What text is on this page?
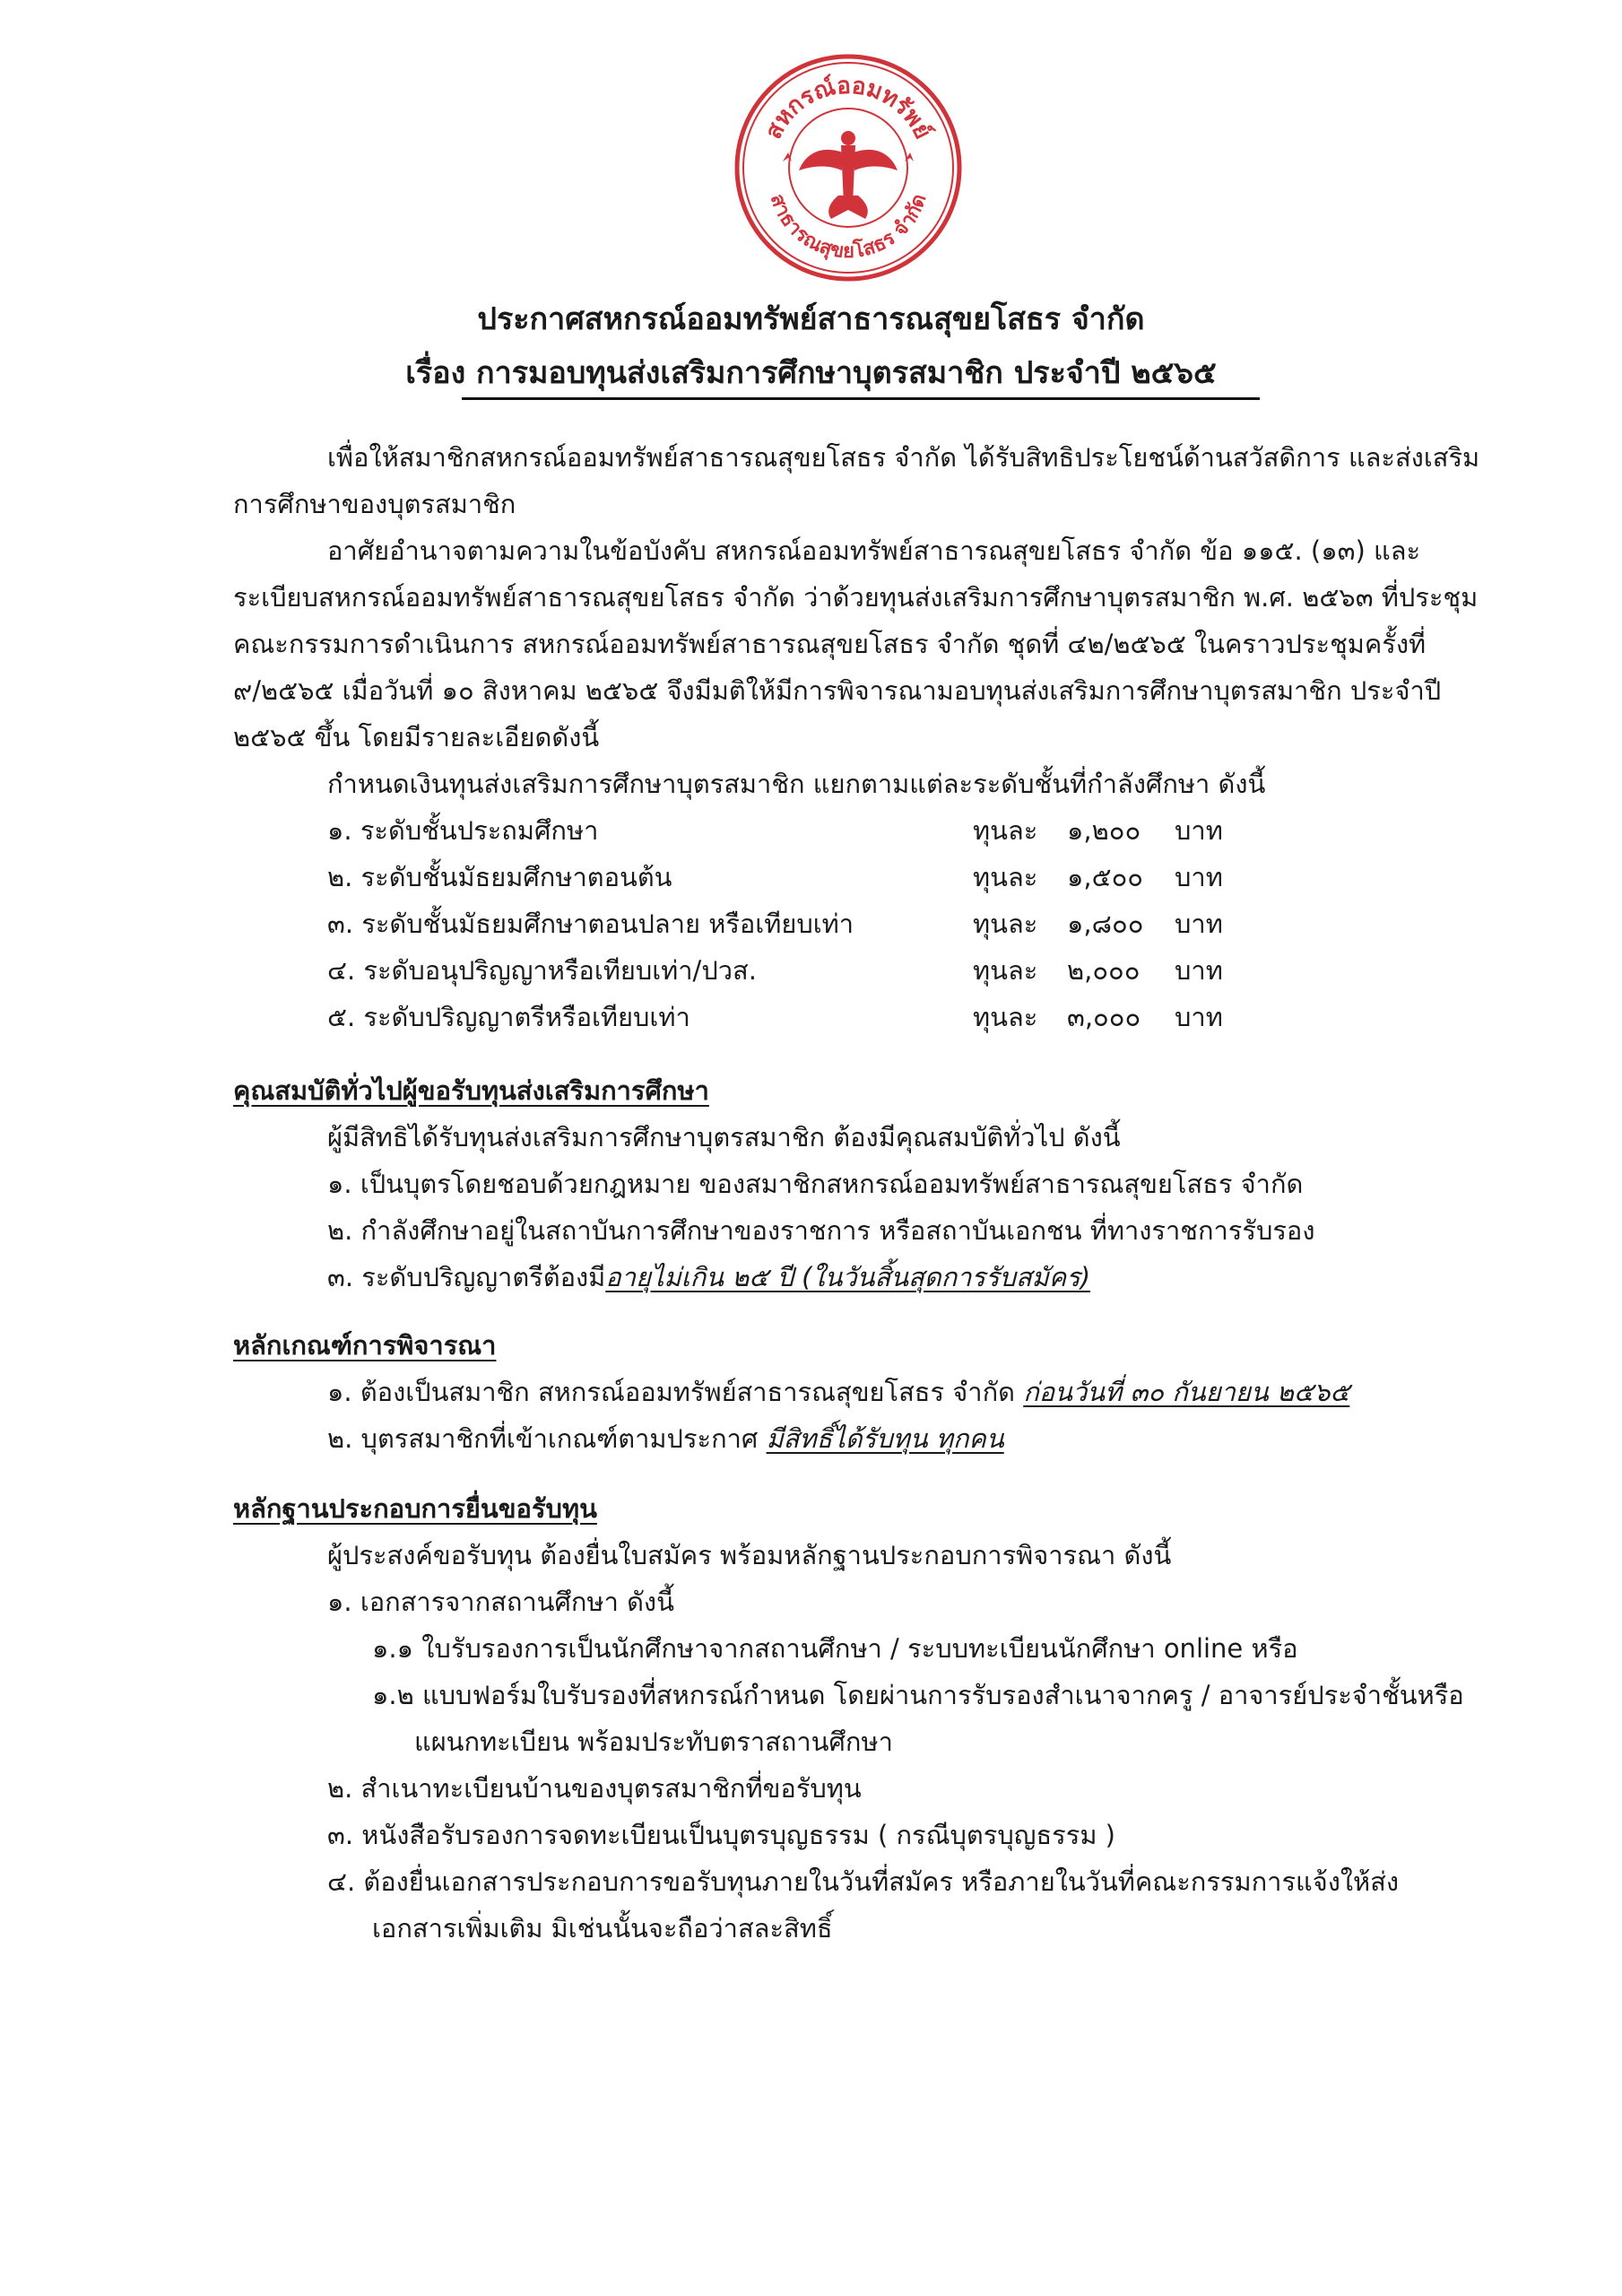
สหกรณ์ออมทรัพย์
สาธารณสุขยโสธร จำกัด
ประกาศสหกรณ์ออมทรัพย์สาธารณสุขยโสธร จำกัด
เรื่อง การมอบทุนส่งเสริมการศึกษาบุตรสมาชิก ประจำปี ๒๕๖๕
เพื่อให้สมาชิกสหกรณ์ออมทรัพย์สาธารณสุขยโสธร จำกัด ได้รับสิทธิประโยชน์ด้านสวัสดิการ และส่งเสริม
การศึกษาของบุตรสมาชิก
อาศัยอำนาจตามความในข้อบังคับ สหกรณ์ออมทรัพย์สาธารณสุขยโสธร จำกัด ข้อ ๑๑๕. (๑๓) และ
ระเบียบสหกรณ์ออมทรัพย์สาธารณสุขยโสธร จำกัด ว่าด้วยทุนส่งเสริมการศึกษาบุตรสมาชิก พ.ศ. ๒๕๖๓ ที่ประชุม
คณะกรรมการดำเนินการ สหกรณ์ออมทรัพย์สาธารณสุขยโสธร จำกัด ชุดที่ ๔๒/๒๕๖๕ ในคราวประชุมครั้งที่
๙/๒๕๖๕ เมื่อวันที่ ๑๐ สิงหาคม ๒๕๖๕ จึงมีมติให้มีการพิจารณามอบทุนส่งเสริมการศึกษาบุตรสมาชิก ประจำปี
๒๕๖๕ ขึ้น โดยมีรายละเอียดดังนี้
กำหนดเงินทุนส่งเสริมการศึกษาบุตรสมาชิก แยกตามแต่ละระดับชั้นที่กำลังศึกษา ดังนี้
๑. ระดับชั้นประถมศึกษา	ทุนละ ๑,๒๐๐ บาท
๒. ระดับชั้นมัธยมศึกษาตอนต้น	ทุนละ ๑,๕๐๐ บาท
๓. ระดับชั้นมัธยมศึกษาตอนปลาย หรือเทียบเท่า	ทุนละ ๑,๘๐๐ บาท
๔. ระดับอนุปริญญาหรือเทียบเท่า/ปวส.	ทุนละ ๒,๐๐๐ บาท
๕. ระดับปริญญาตรีหรือเทียบเท่า	ทุนละ ๓,๐๐๐ บาท
คุณสมบัติทั่วไปผู้ขอรับทุนส่งเสริมการศึกษา
ผู้มีสิทธิได้รับทุนส่งเสริมการศึกษาบุตรสมาชิก ต้องมีคุณสมบัติทั่วไป ดังนี้
๑. เป็นบุตรโดยชอบด้วยกฎหมาย ของสมาชิกสหกรณ์ออมทรัพย์สาธารณสุขยโสธร จำกัด
๒. กำลังศึกษาอยู่ในสถาบันการศึกษาของราชการ หรือสถาบันเอกชน ที่ทางราชการรับรอง
๓. ระดับปริญญาตรีต้องมีอายุไม่เกิน ๒๕ ปี (ในวันสิ้นสุดการรับสมัคร)
หลักเกณฑ์การพิจารณา
๑. ต้องเป็นสมาชิก สหกรณ์ออมทรัพย์สาธารณสุขยโสธร จำกัด ก่อนวันที่ ๓๐ กันยายน ๒๕๖๕
๒. บุตรสมาชิกที่เข้าเกณฑ์ตามประกาศ มีสิทธิ์ได้รับทุน ทุกคน
หลักฐานประกอบการยื่นขอรับทุน
ผู้ประสงค์ขอรับทุน ต้องยื่นใบสมัคร พร้อมหลักฐานประกอบการพิจารณา ดังนี้
๑. เอกสารจากสถานศึกษา ดังนี้
๑.๑ ใบรับรองการเป็นนักศึกษาจากสถานศึกษา / ระบบทะเบียนนักศึกษา online หรือ
๑.๒ แบบฟอร์มใบรับรองที่สหกรณ์กำหนด โดยผ่านการรับรองสำเนาจากครู / อาจารย์ประจำชั้นหรือ
แผนกทะเบียน พร้อมประทับตราสถานศึกษา
๒. สำเนาทะเบียนบ้านของบุตรสมาชิกที่ขอรับทุน
๓. หนังสือรับรองการจดทะเบียนเป็นบุตรบุญธรรม ( กรณีบุตรบุญธรรม )
๔. ต้องยื่นเอกสารประกอบการขอรับทุนภายในวันที่สมัคร หรือภายในวันที่คณะกรรมการแจ้งให้ส่ง
เอกสารเพิ่มเติม มิเช่นนั้นจะถือว่าสละสิทธิ์
